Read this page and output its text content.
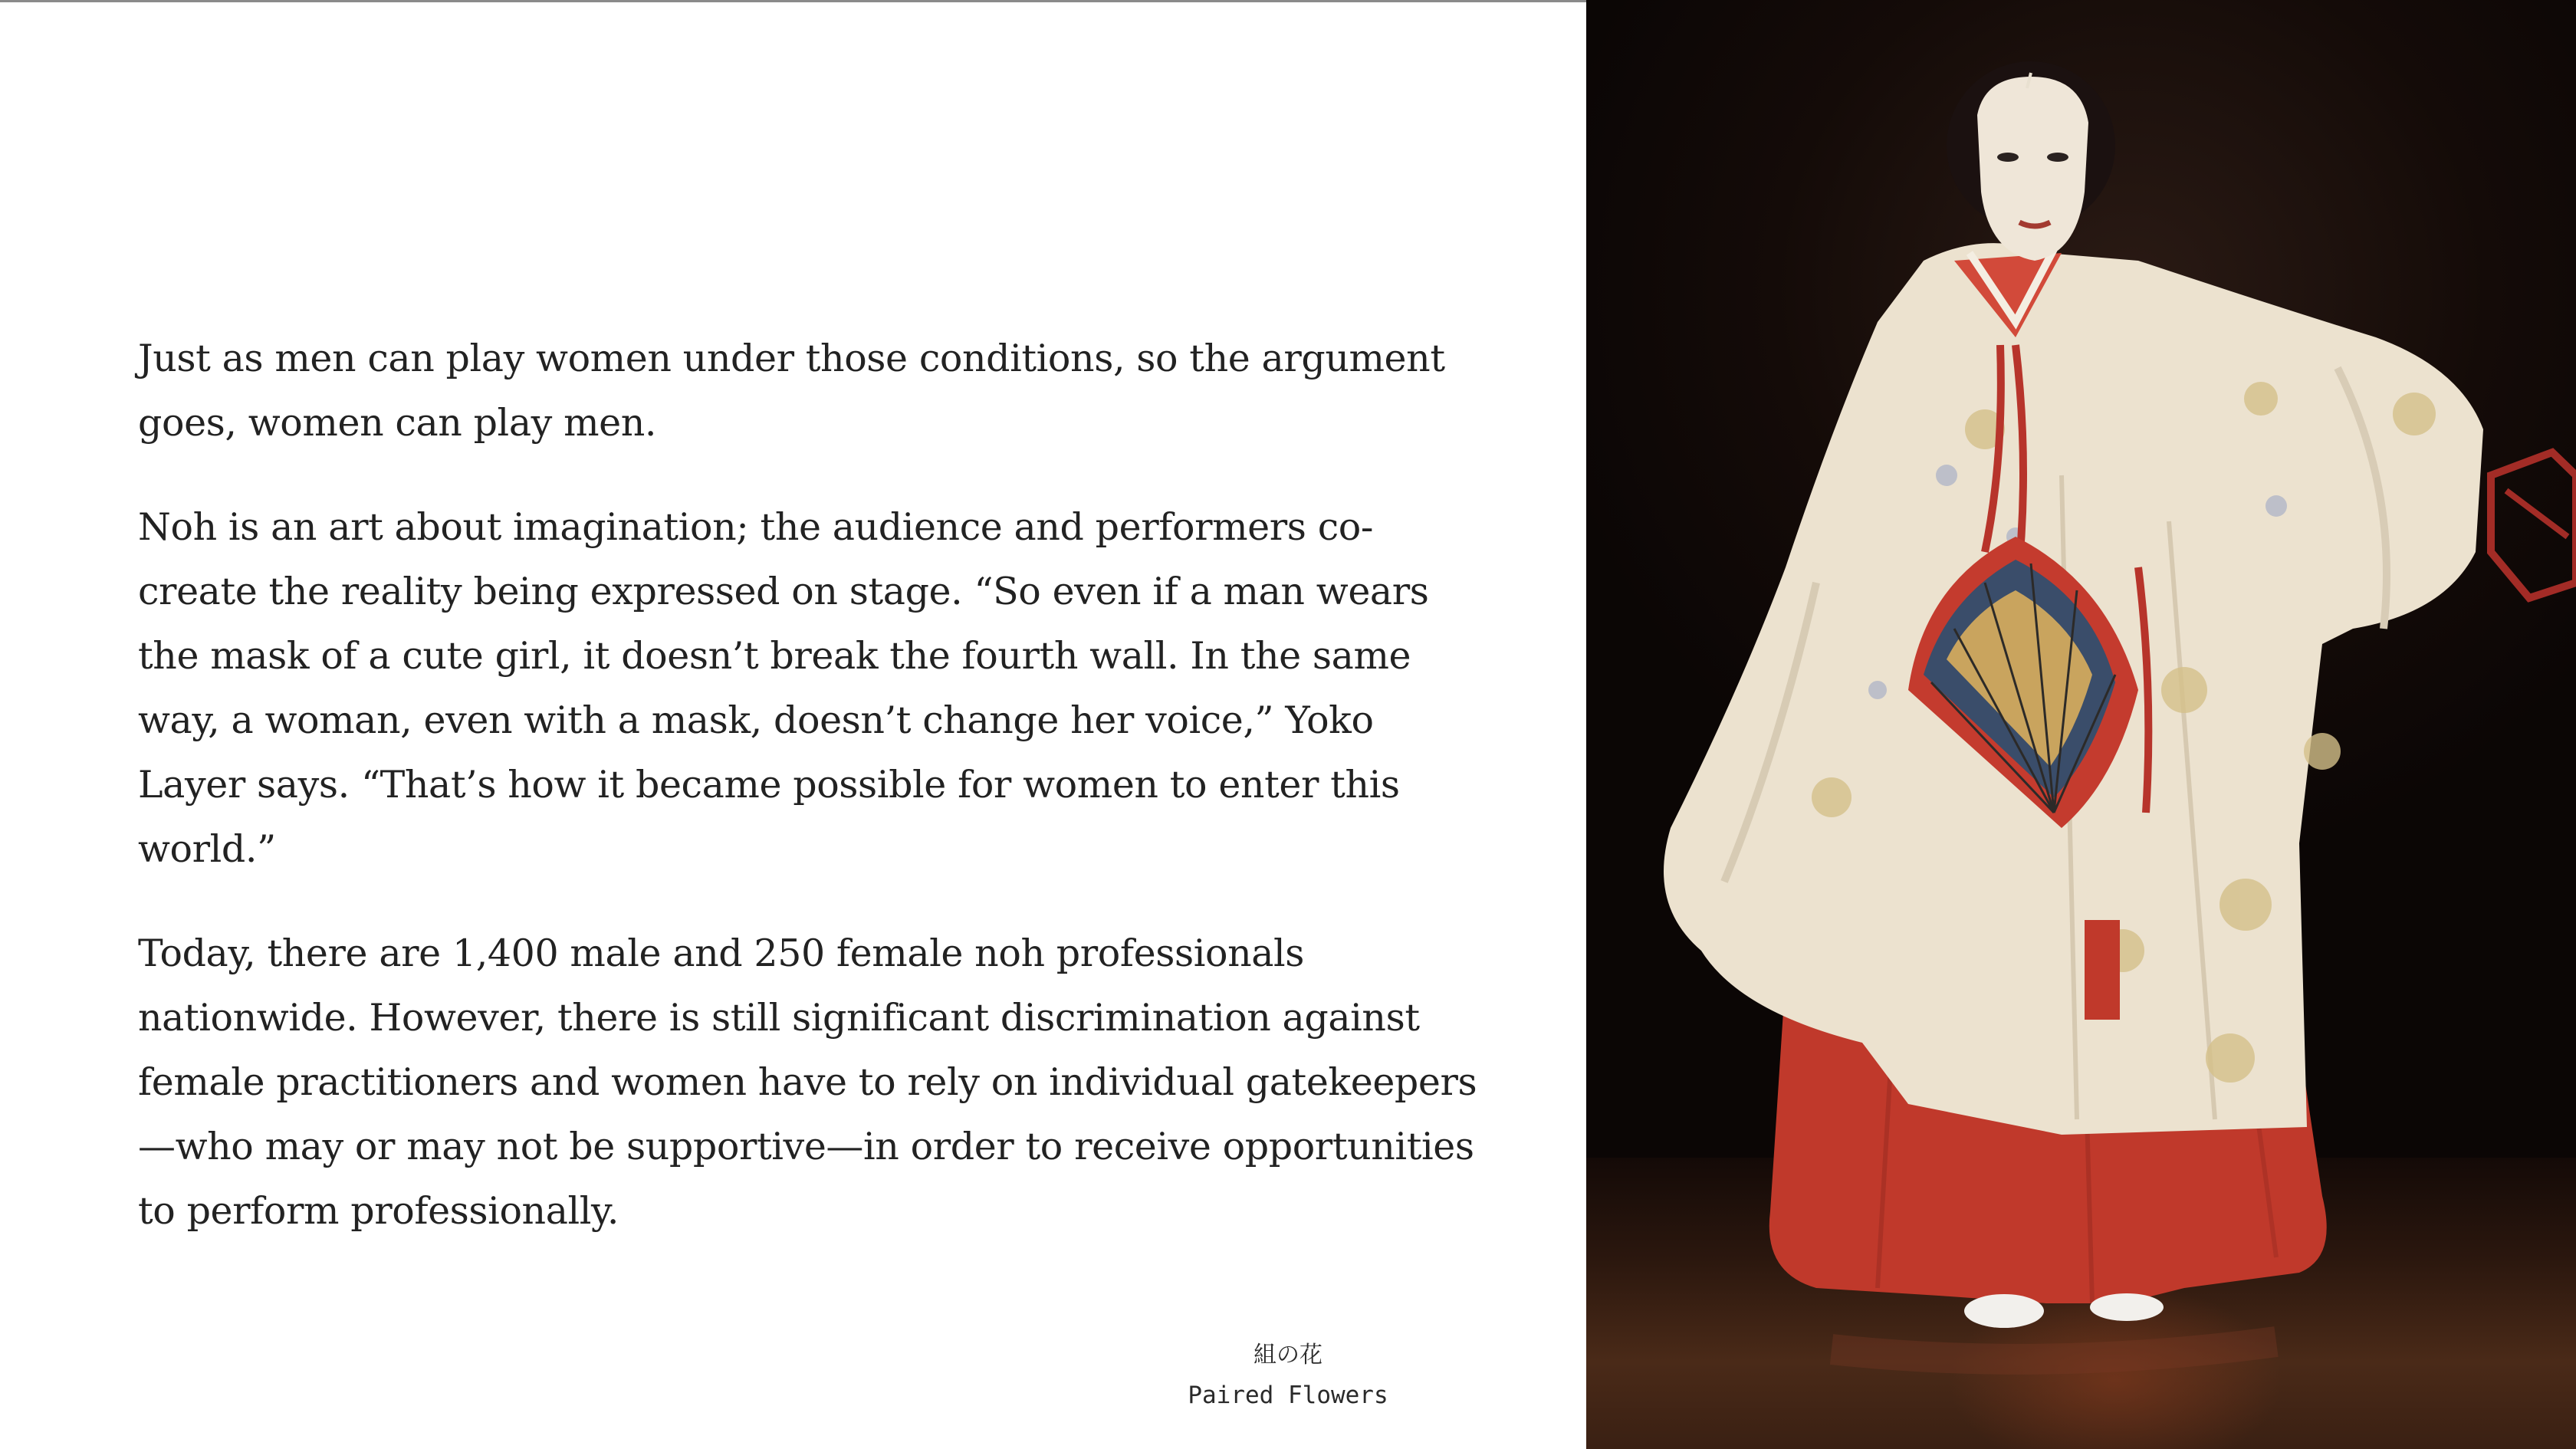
Just as men can play women under those conditions, so the argument goes, women can play men.

Noh is an art about imagination; the audience and performers co-create the reality being expressed on stage. “So even if a man wears the mask of a cute girl, it doesn’t break the fourth wall. In the same way, a woman, even with a mask, doesn’t change her voice,” Yoko Layer says. “That’s how it became possible for women to enter this world.”

Today, there are 1,400 male and 250 female noh professionals nationwide. However, there is still significant discrimination against female practitioners and women have to rely on individual gatekeepers—who may or may not be supportive—in order to receive opportunities to perform professionally.

組の花
Paired Flowers
